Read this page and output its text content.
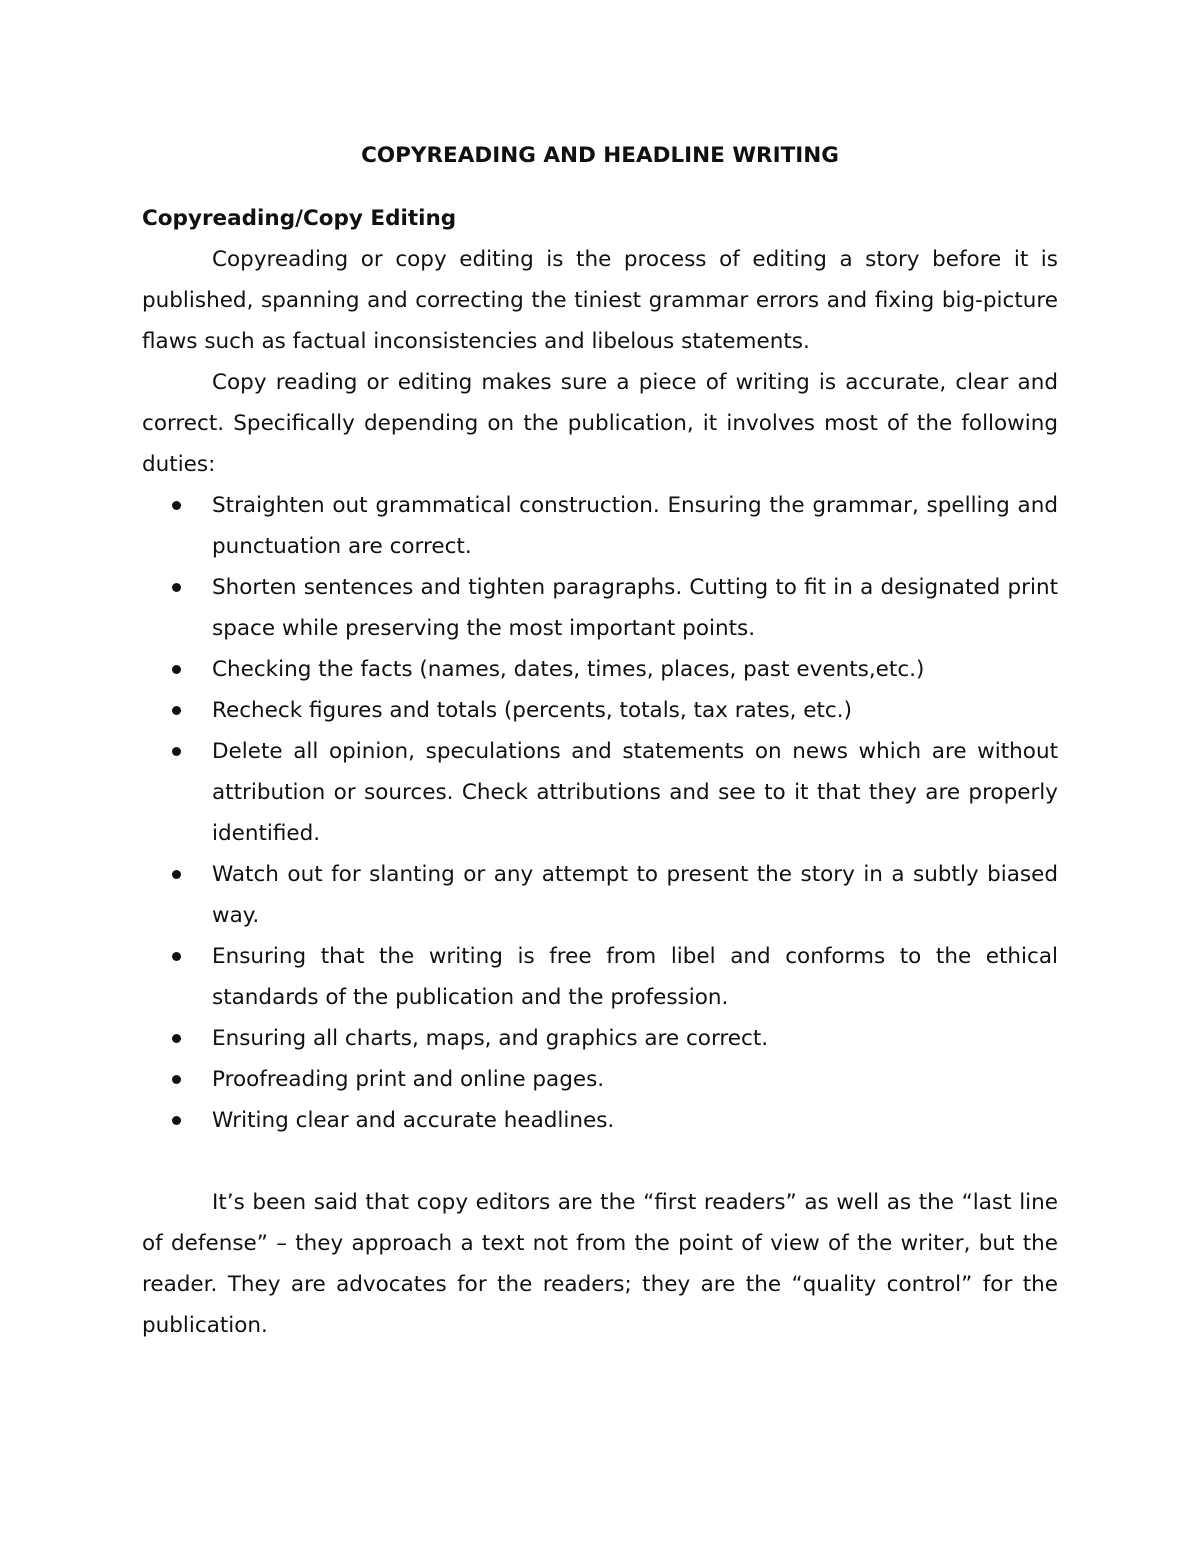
COPYREADING AND HEADLINE WRITING
Copyreading/Copy Editing

Copyreading or copy editing is the process of editing a story before it is published, spanning and correcting the tiniest grammar errors and fixing big-picture flaws such as factual inconsistencies and libelous statements.

Copy reading or editing makes sure a piece of writing is accurate, clear and correct. Specifically depending on the publication, it involves most of the following duties:

Straighten out grammatical construction. Ensuring the grammar, spelling and punctuation are correct.
Shorten sentences and tighten paragraphs. Cutting to fit in a designated print space while preserving the most important points.
Checking the facts (names, dates, times, places, past events,etc.)
Recheck figures and totals (percents, totals, tax rates, etc.)
Delete all opinion, speculations and statements on news which are without attribution or sources. Check attributions and see to it that they are properly identified.
Watch out for slanting or any attempt to present the story in a subtly biased way.
Ensuring that the writing is free from libel and conforms to the ethical standards of the publication and the profession.
Ensuring all charts, maps, and graphics are correct.
Proofreading print and online pages.
Writing clear and accurate headlines.

It’s been said that copy editors are the “first readers” as well as the “last line of defense” – they approach a text not from the point of view of the writer, but the reader. They are advocates for the readers; they are the “quality control” for the publication.
